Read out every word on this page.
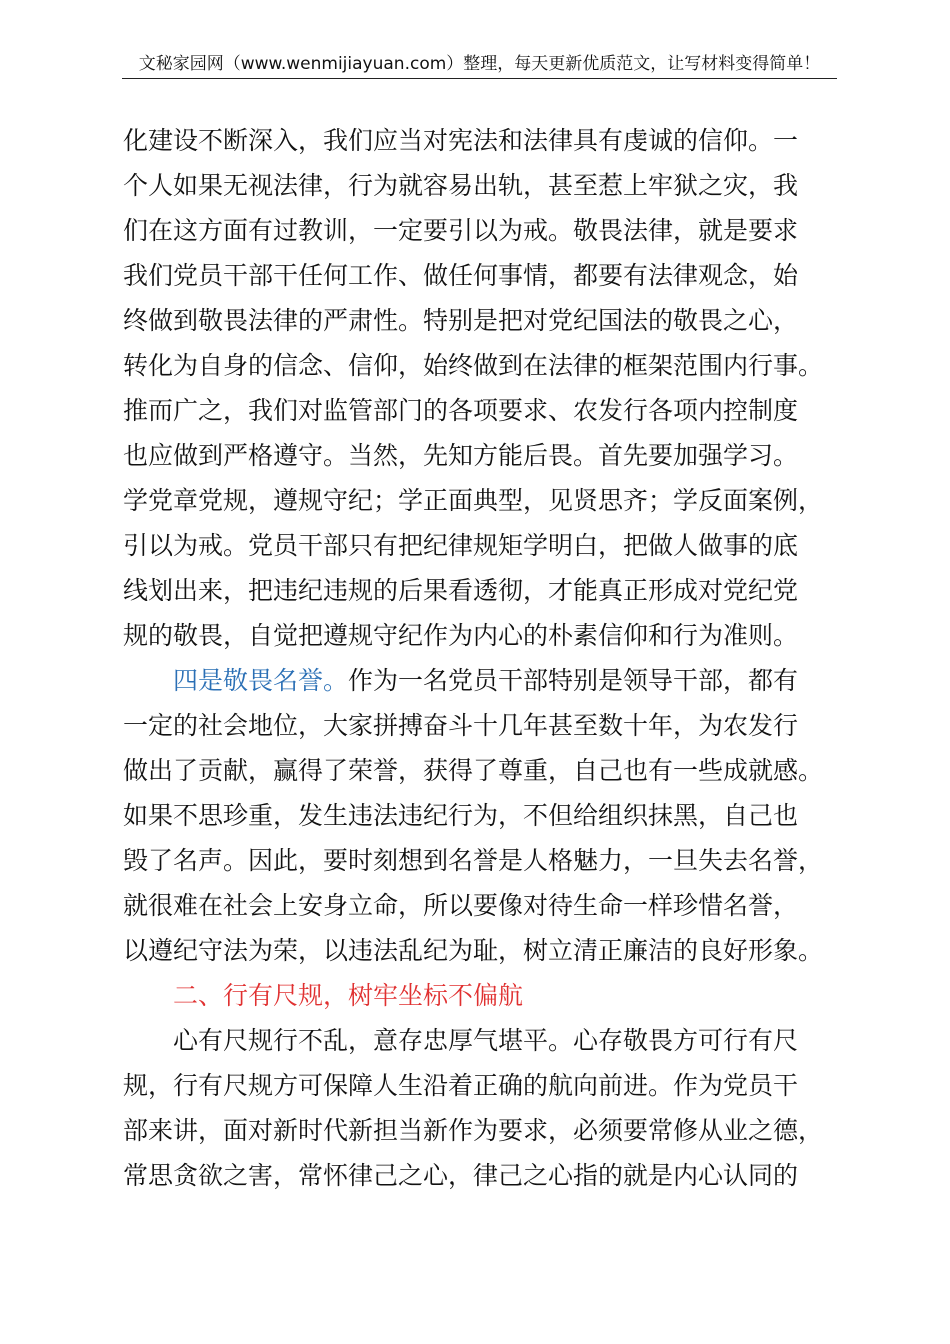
文秘家园网（www.wenmijiayuan.com）整理，每天更新优质范文，让写材料变得简单！
化建设不断深入，我们应当对宪法和法律具有虔诚的信仰。一
个人如果无视法律，行为就容易出轨，甚至惹上牢狱之灾，我
们在这方面有过教训，一定要引以为戒。敬畏法律，就是要求
我们党员干部干任何工作、做任何事情，都要有法律观念，始
终做到敬畏法律的严肃性。特别是把对党纪国法的敬畏之心，
转化为自身的信念、信仰，始终做到在法律的框架范围内行事。
推而广之，我们对监管部门的各项要求、农发行各项内控制度
也应做到严格遵守。当然，先知方能后畏。首先要加强学习。
学党章党规，遵规守纪；学正面典型，见贤思齐；学反面案例，
引以为戒。党员干部只有把纪律规矩学明白，把做人做事的底
线划出来，把违纪违规的后果看透彻，才能真正形成对党纪党
规的敬畏，自觉把遵规守纪作为内心的朴素信仰和行为准则。
四是敬畏名誉。作为一名党员干部特别是领导干部，都有
一定的社会地位，大家拼搏奋斗十几年甚至数十年，为农发行
做出了贡献，赢得了荣誉，获得了尊重，自己也有一些成就感。
如果不思珍重，发生违法违纪行为，不但给组织抹黑，自己也
毁了名声。因此，要时刻想到名誉是人格魅力，一旦失去名誉，
就很难在社会上安身立命，所以要像对待生命一样珍惜名誉，
以遵纪守法为荣，以违法乱纪为耻，树立清正廉洁的良好形象。
二、行有尺规，树牢坐标不偏航
心有尺规行不乱，意存忠厚气堪平。心存敬畏方可行有尺
规，行有尺规方可保障人生沿着正确的航向前进。作为党员干
部来讲，面对新时代新担当新作为要求，必须要常修从业之德，
常思贪欲之害，常怀律己之心，律己之心指的就是内心认同的
